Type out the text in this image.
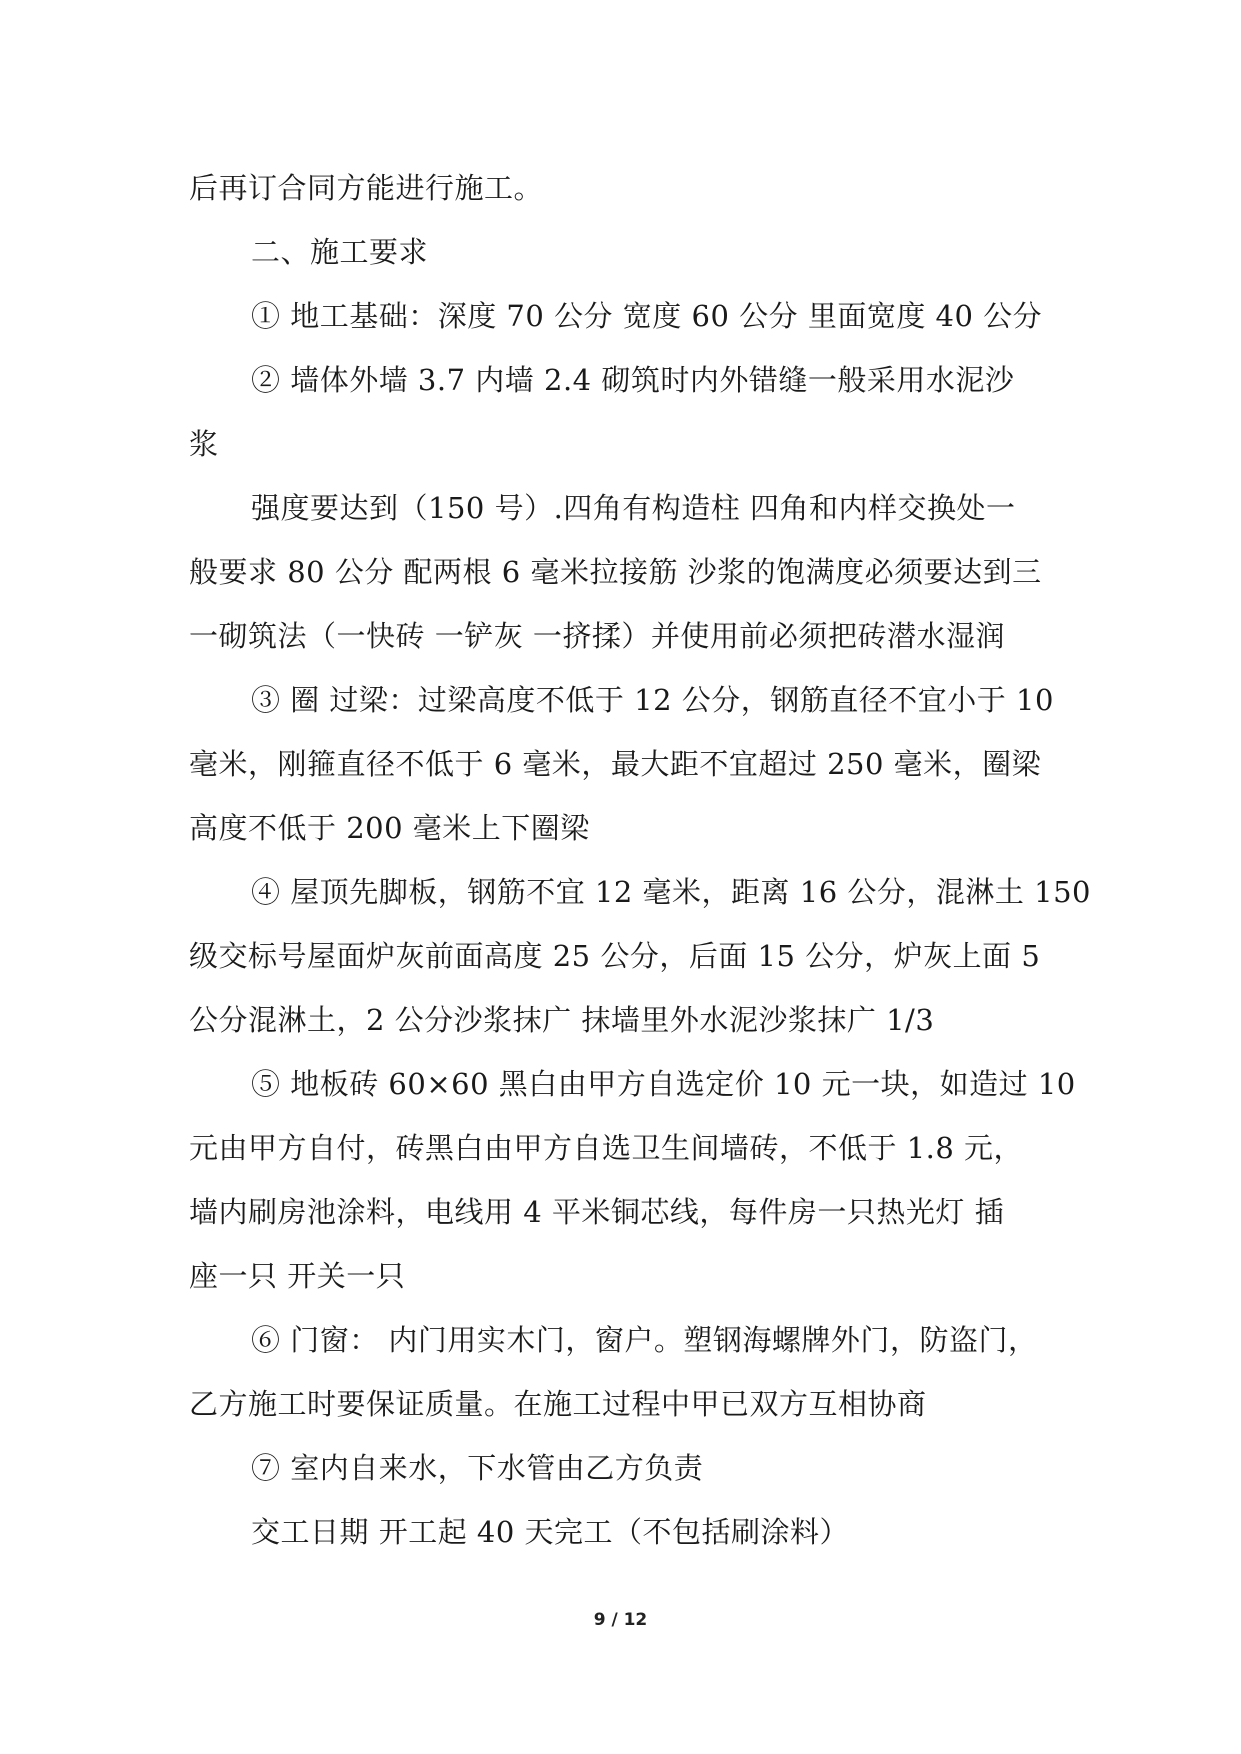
后再订合同方能进行施工。
二、施工要求
① 地工基础：深度 70 公分 宽度 60 公分 里面宽度 40 公分
② 墙体外墙 3.7 内墙 2.4 砌筑时内外错缝一般采用水泥沙
浆
强度要达到（150 号）.四角有构造柱 四角和内样交换处一
般要求 80 公分 配两根 6 毫米拉接筋 沙浆的饱满度必须要达到三
一砌筑法（一快砖 一铲灰 一挤揉）并使用前必须把砖潜水湿润
③ 圈 过梁：过梁高度不低于 12 公分，钢筋直径不宜小于 10
毫米，刚箍直径不低于 6 毫米，最大距不宜超过 250 毫米，圈梁
高度不低于 200 毫米上下圈梁
④ 屋顶先脚板，钢筋不宜 12 毫米，距离 16 公分，混淋土 150
级交标号屋面炉灰前面高度 25 公分，后面 15 公分，炉灰上面 5
公分混淋土，2 公分沙浆抹广 抹墙里外水泥沙浆抹广 1/3
⑤ 地板砖 60×60 黑白由甲方自选定价 10 元一块，如造过 10
元由甲方自付，砖黑白由甲方自选卫生间墙砖，不低于 1.8 元，
墙内刷房池涂料，电线用 4 平米铜芯线，每件房一只热光灯 插
座一只 开关一只
⑥ 门窗： 内门用实木门，窗户。塑钢海螺牌外门，防盗门，
乙方施工时要保证质量。在施工过程中甲已双方互相协商
⑦ 室内自来水，下水管由乙方负责
交工日期 开工起 40 天完工（不包括刷涂料）
9 / 12
